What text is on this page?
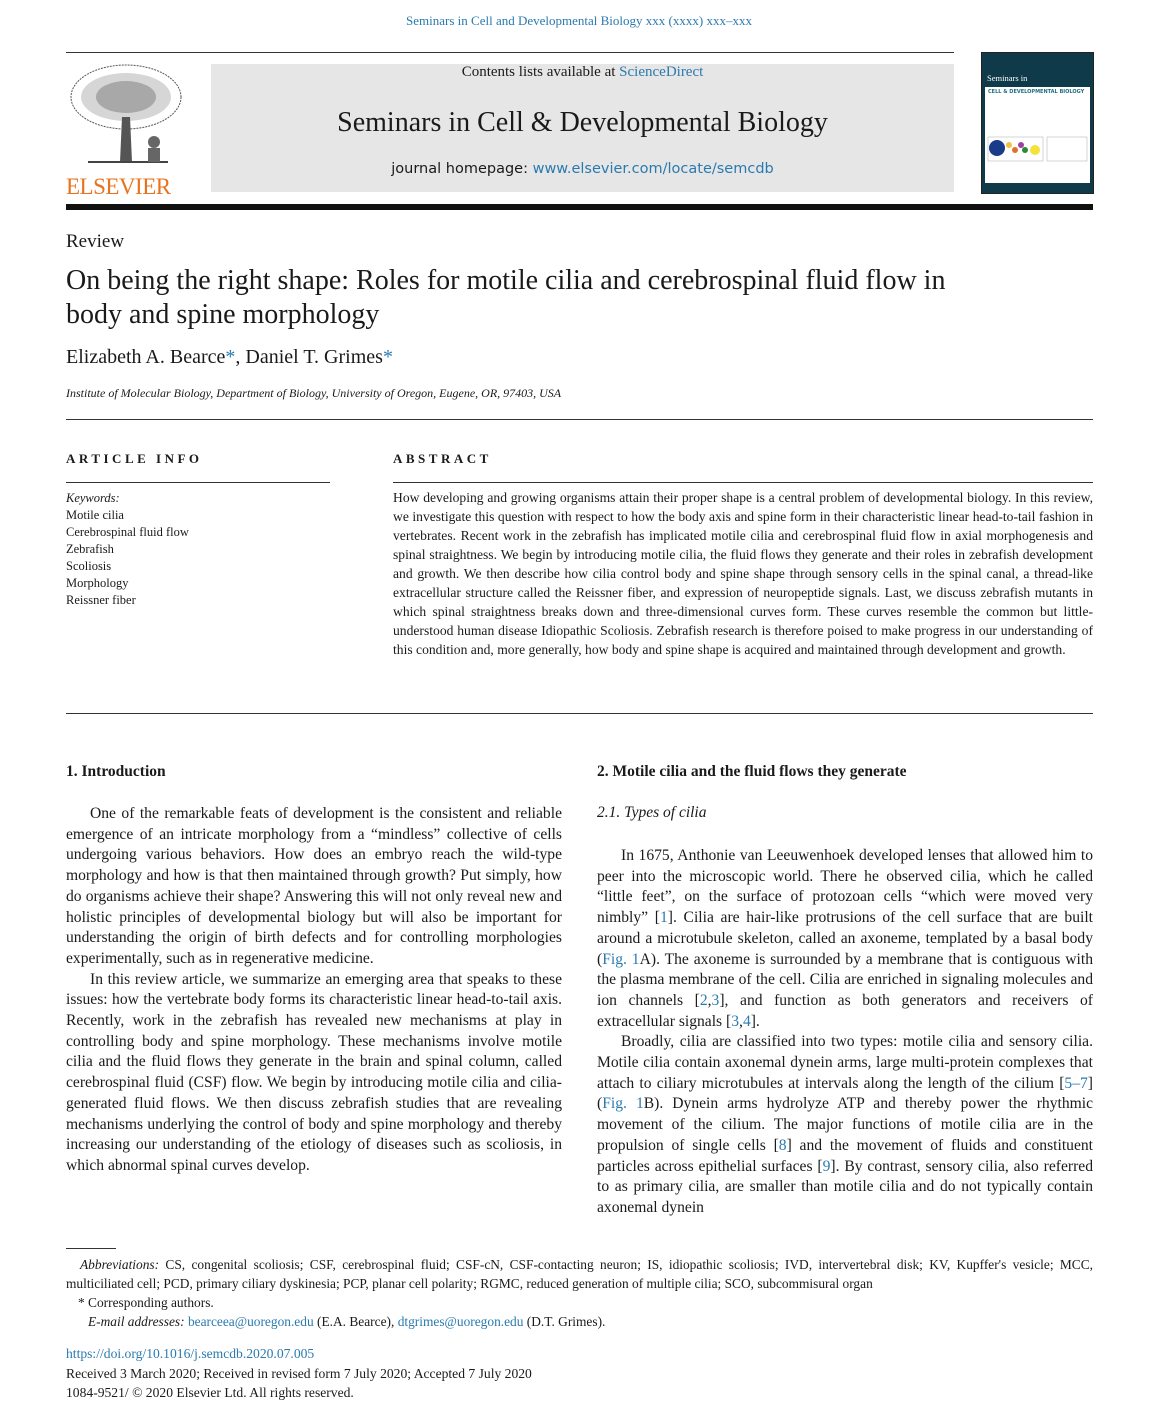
Seminars in Cell and Developmental Biology xxx (xxxx) xxx–xxx
ELSEVIER
Contents lists available at ScienceDirect
Seminars in Cell & Developmental Biology
journal homepage: www.elsevier.com/locate/semcdb
Seminars in
CELL & DEVELOPMENTAL BIOLOGY
Review
On being the right shape: Roles for motile cilia and cerebrospinal fluid flow in body and spine morphology
Elizabeth A. Bearce*, Daniel T. Grimes*
Institute of Molecular Biology, Department of Biology, University of Oregon, Eugene, OR, 97403, USA
ARTICLE INFO	ABSTRACT
Keywords:
Motile cilia
Cerebrospinal fluid flow
Zebrafish
Scoliosis
Morphology
Reissner fiber
How developing and growing organisms attain their proper shape is a central problem of developmental biology. In this review, we investigate this question with respect to how the body axis and spine form in their characteristic linear head-to-tail fashion in vertebrates. Recent work in the zebrafish has implicated motile cilia and cerebrospinal fluid flow in axial morphogenesis and spinal straightness. We begin by introducing motile cilia, the fluid flows they generate and their roles in zebrafish development and growth. We then describe how cilia control body and spine shape through sensory cells in the spinal canal, a thread-like extracellular structure called the Reissner fiber, and expression of neuropeptide signals. Last, we discuss zebrafish mutants in which spinal straightness breaks down and three-dimensional curves form. These curves resemble the common but little-understood human disease Idiopathic Scoliosis. Zebrafish research is therefore poised to make progress in our understanding of this condition and, more generally, how body and spine shape is acquired and maintained through development and growth.
1. Introduction

One of the remarkable feats of development is the consistent and reliable emergence of an intricate morphology from a “mindless” collective of cells undergoing various behaviors. How does an embryo reach the wild-type morphology and how is that then maintained through growth? Put simply, how do organisms achieve their shape? Answering this will not only reveal new and holistic principles of developmental biology but will also be important for understanding the origin of birth defects and for controlling morphologies experimentally, such as in regenerative medicine.

In this review article, we summarize an emerging area that speaks to these issues: how the vertebrate body forms its characteristic linear head-to-tail axis. Recently, work in the zebrafish has revealed new mechanisms at play in controlling body and spine morphology. These mechanisms involve motile cilia and the fluid flows they generate in the brain and spinal column, called cerebrospinal fluid (CSF) flow. We begin by introducing motile cilia and cilia-generated fluid flows. We then discuss zebrafish studies that are revealing mechanisms underlying the control of body and spine morphology and thereby increasing our understanding of the etiology of diseases such as scoliosis, in which abnormal spinal curves develop.

2. Motile cilia and the fluid flows they generate
2.1. Types of cilia

In 1675, Anthonie van Leeuwenhoek developed lenses that allowed him to peer into the microscopic world. There he observed cilia, which he called “little feet”, on the surface of protozoan cells “which were moved very nimbly” [1]. Cilia are hair-like protrusions of the cell surface that are built around a microtubule skeleton, called an axoneme, templated by a basal body (Fig. 1A). The axoneme is surrounded by a membrane that is contiguous with the plasma membrane of the cell. Cilia are enriched in signaling molecules and ion channels [2,3], and function as both generators and receivers of extracellular signals [3,4].

Broadly, cilia are classified into two types: motile cilia and sensory cilia. Motile cilia contain axonemal dynein arms, large multi-protein complexes that attach to ciliary microtubules at intervals along the length of the cilium [5–7] (Fig. 1B). Dynein arms hydrolyze ATP and thereby power the rhythmic movement of the cilium. The major functions of motile cilia are in the propulsion of single cells [8] and the movement of fluids and constituent particles across epithelial surfaces [9]. By contrast, sensory cilia, also referred to as primary cilia, are smaller than motile cilia and do not typically contain axonemal dynein

Abbreviations: CS, congenital scoliosis; CSF, cerebrospinal fluid; CSF-cN, CSF-contacting neuron; IS, idiopathic scoliosis; IVD, intervertebral disk; KV, Kupffer's vesicle; MCC, multiciliated cell; PCD, primary ciliary dyskinesia; PCP, planar cell polarity; RGMC, reduced generation of multiple cilia; SCO, subcommisural organ
* Corresponding authors.
E-mail addresses: bearceea@uoregon.edu (E.A. Bearce), dtgrimes@uoregon.edu (D.T. Grimes).
https://doi.org/10.1016/j.semcdb.2020.07.005
Received 3 March 2020; Received in revised form 7 July 2020; Accepted 7 July 2020
1084-9521/ © 2020 Elsevier Ltd. All rights reserved.
